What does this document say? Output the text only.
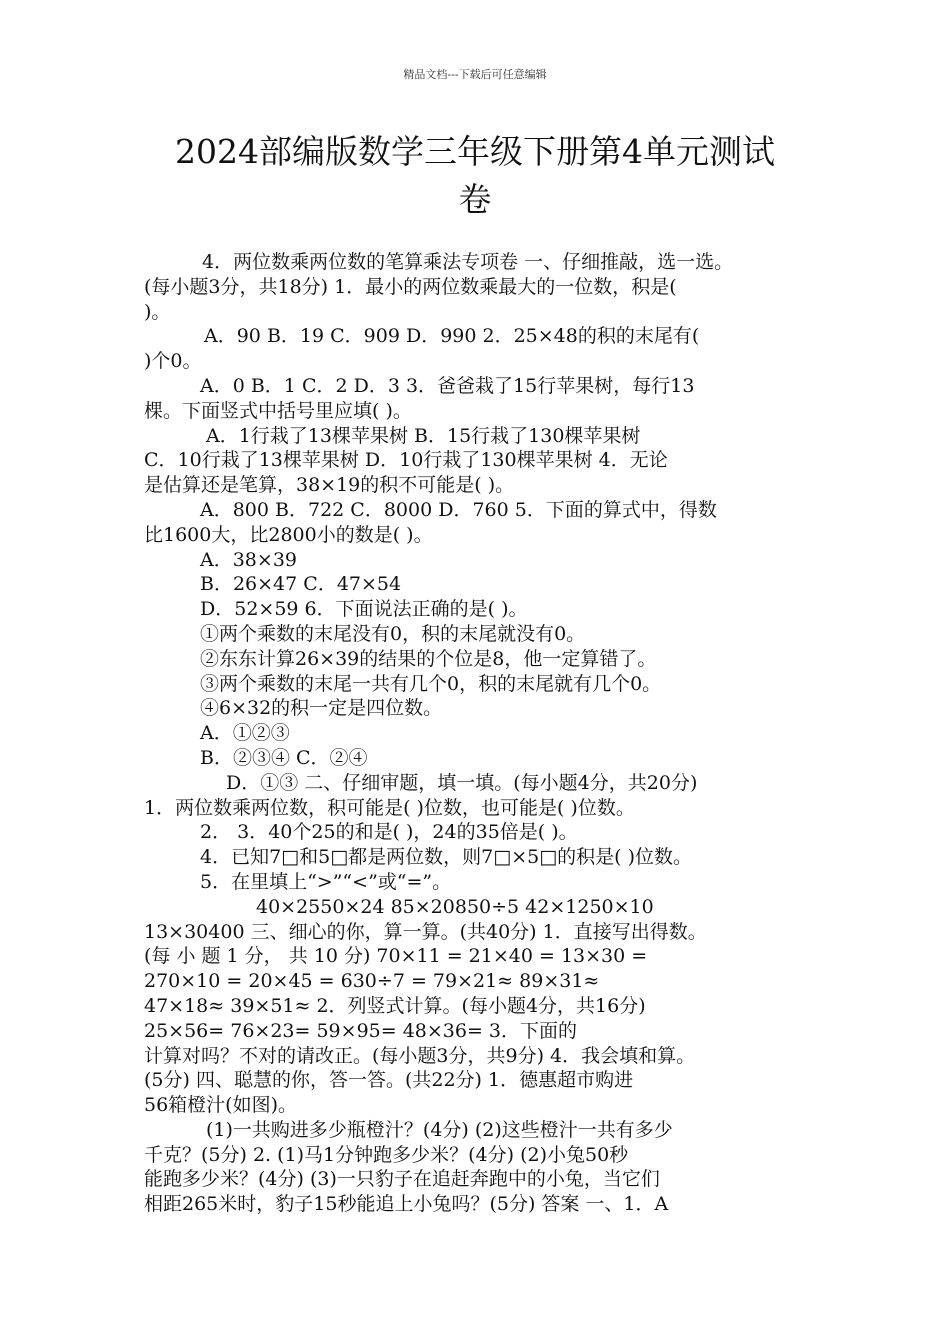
精品文档---下载后可任意编辑
2024部编版数学三年级下册第4单元测试
卷

4．两位数乘两位数的笔算乘法专项卷 一、仔细推敲，选一选。

(每小题3分，共18分) 1．最小的两位数乘最大的一位数，积是(

)。

A．90 B．19 C．909 D．990 2．25×48的积的末尾有(

)个0。

A．0 B．1 C．2 D．3 3．爸爸栽了15行苹果树，每行13

棵。下面竖式中括号里应填( )。

A．1行栽了13棵苹果树 B．15行栽了130棵苹果树

C．10行栽了13棵苹果树 D．10行栽了130棵苹果树 4．无论

是估算还是笔算，38×19的积不可能是( )。

A．800 B．722 C．8000 D．760 5．下面的算式中，得数

比1600大，比2800小的数是( )。

A．38×39

B．26×47 C．47×54

D．52×59 6．下面说法正确的是( )。

①两个乘数的末尾没有0，积的末尾就没有0。

②东东计算26×39的结果的个位是8，他一定算错了。

③两个乘数的末尾一共有几个0，积的末尾就有几个0。

④6×32的积一定是四位数。

A．①②③

B．②③④ C．②④

D．①③ 二、仔细审题，填一填。(每小题4分，共20分)

1．两位数乘两位数，积可能是( )位数，也可能是( )位数。

2． 3．40个25的和是( )，24的35倍是( )。

4．已知7□和5□都是两位数，则7□×5□的积是( )位数。

5．在里填上“>”“<”或“=”。

40×2550×24 85×20850÷5 42×1250×10

13×30400 三、细心的你，算一算。(共40分) 1．直接写出得数。

(每 小 题 1 分， 共 10 分) 70×11 = 21×40 = 13×30 =

270×10 = 20×45 = 630÷7 = 79×21≈ 89×31≈

47×18≈ 39×51≈ 2．列竖式计算。(每小题4分，共16分)

25×56= 76×23= 59×95= 48×36= 3．下面的

计算对吗？不对的请改正。(每小题3分，共9分) 4．我会填和算。

(5分) 四、聪慧的你，答一答。(共22分) 1．德惠超市购进

56箱橙汁(如图)。

(1)一共购进多少瓶橙汁？(4分) (2)这些橙汁一共有多少

千克？(5分) 2. (1)马1分钟跑多少米？(4分) (2)小兔50秒

能跑多少米？(4分) (3)一只豹子在追赶奔跑中的小兔，当它们

相距265米时，豹子15秒能追上小兔吗？(5分) 答案 一、1．A
